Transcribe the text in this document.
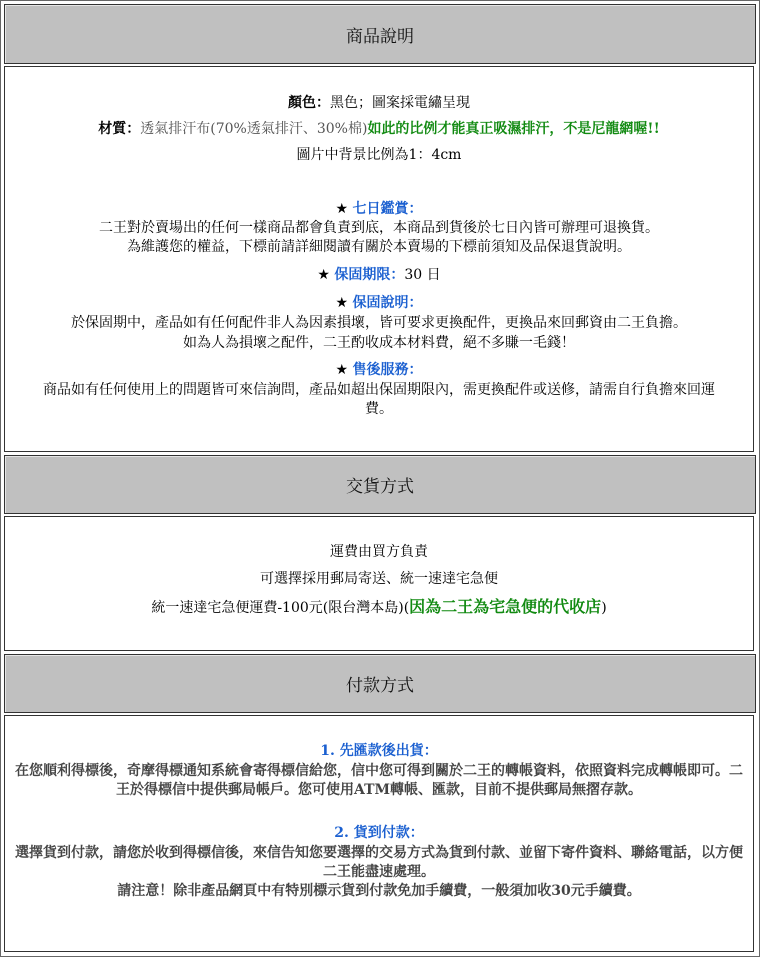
商品說明
顏色：黑色；圖案採電繡呈現
材質：透氣排汗布(70%透氣排汗、30%棉)如此的比例才能真正吸濕排汗，不是尼龍網喔!!
圖片中背景比例為1：4cm
★ 七日鑑賞：
二王對於賣場出的任何一樣商品都會負責到底，本商品到貨後於七日內皆可辦理可退換貨。
為維護您的權益，下標前請詳細閱讀有關於本賣場的下標前須知及品保退貨說明。
★ 保固期限：30 日
★ 保固說明：
於保固期中，產品如有任何配件非人為因素損壞，皆可要求更換配件，更換品來回郵資由二王負擔。
如為人為損壞之配件，二王酌收成本材料費，絕不多賺一毛錢！
★ 售後服務：
商品如有任何使用上的問題皆可來信詢問，產品如超出保固期限內，需更換配件或送修，請需自行負擔來回運費。
交貨方式
運費由買方負責
可選擇採用郵局寄送、統一速達宅急便
統一速達宅急便運費-100元(限台灣本島)(因為二王為宅急便的代收店)
付款方式
1. 先匯款後出貨：
在您順利得標後，奇摩得標通知系統會寄得標信給您，信中您可得到關於二王的轉帳資料，依照資料完成轉帳即可。二王於得標信中提供郵局帳戶。您可使用ATM轉帳、匯款，目前不提供郵局無摺存款。
2. 貨到付款：
選擇貨到付款，請您於收到得標信後，來信告知您要選擇的交易方式為貨到付款、並留下寄件資料、聯絡電話，以方便二王能盡速處理。
請注意！除非產品網頁中有特別標示貨到付款免加手續費，一般須加收30元手續費。
